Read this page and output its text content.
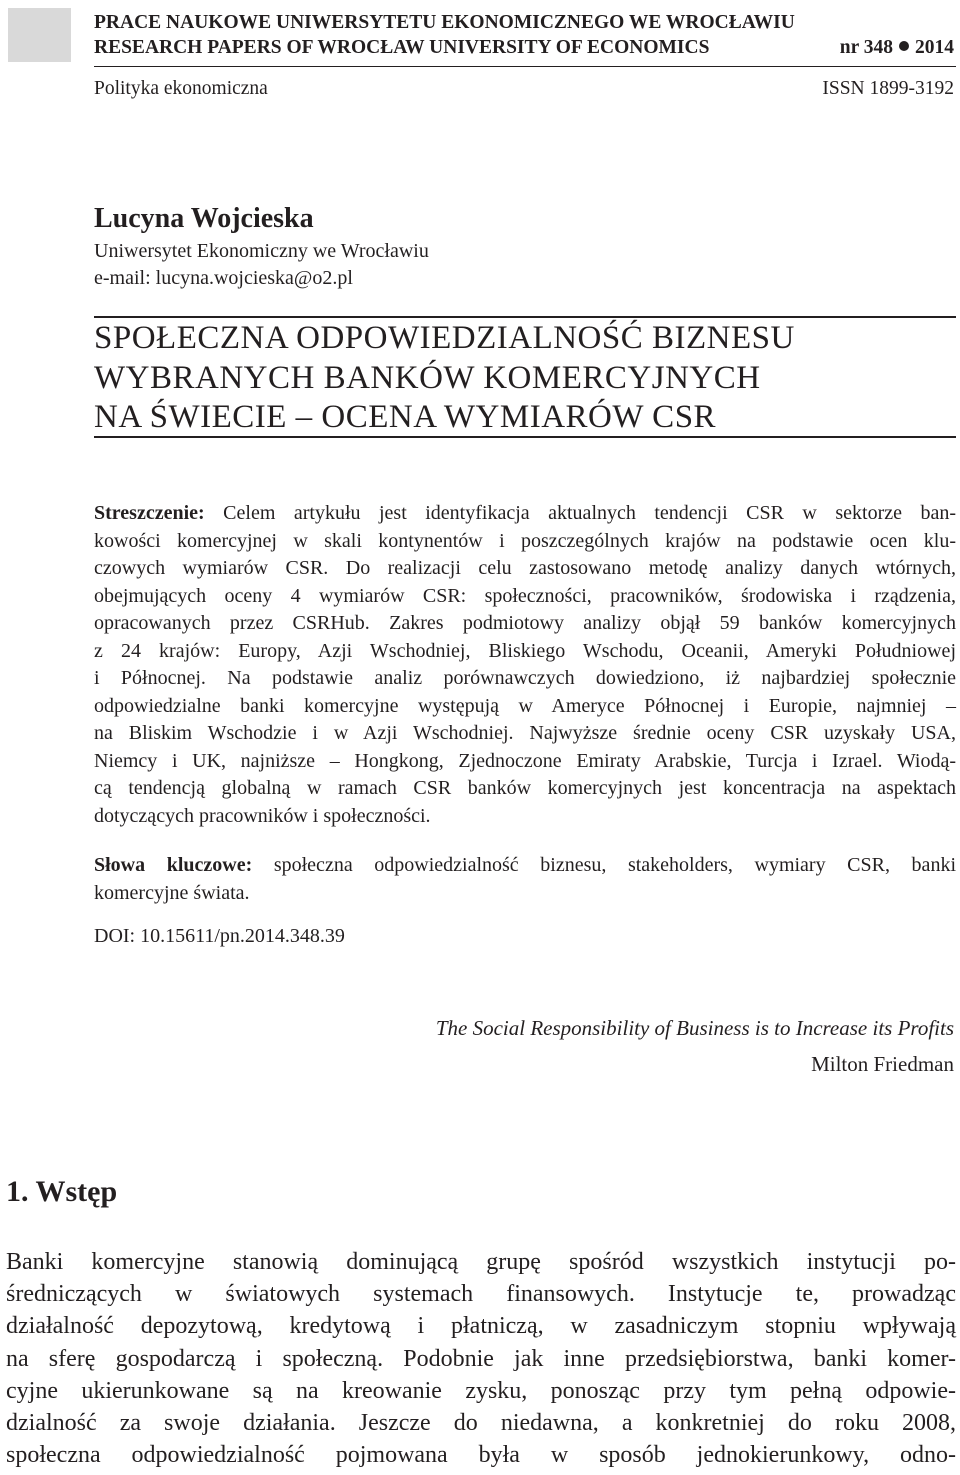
PRACE NAUKOWE UNIWERSYTETU EKONOMICZNEGO WE WROCŁAWIU
RESEARCH PAPERS OF WROCŁAW UNIVERSITY OF ECONOMICS	nr 348 2014
Polityka ekonomiczna	ISSN 1899-3192
Lucyna Wojcieska
Uniwersytet Ekonomiczny we Wrocławiu
e-mail: lucyna.wojcieska@o2.pl
SPOŁECZNA ODPOWIEDZIALNOŚĆ BIZNESU
WYBRANYCH BANKÓW KOMERCYJNYCH
NA ŚWIECIE – OCENA WYMIARÓW CSR
Streszczenie: Celem artykułu jest identyfikacja aktualnych tendencji CSR w sektorze ban-
kowości komercyjnej w skali kontynentów i poszczególnych krajów na podstawie ocen klu-
czowych wymiarów CSR. Do realizacji celu zastosowano metodę analizy danych wtórnych,
obejmujących oceny 4 wymiarów CSR: społeczności, pracowników, środowiska i rządzenia,
opracowanych przez CSRHub. Zakres podmiotowy analizy objął 59 banków komercyjnych
z 24 krajów: Europy, Azji Wschodniej, Bliskiego Wschodu, Oceanii, Ameryki Południowej
i Północnej. Na podstawie analiz porównawczych dowiedziono, iż najbardziej społecznie
odpowiedzialne banki komercyjne występują w Ameryce Północnej i Europie, najmniej –
na Bliskim Wschodzie i w Azji Wschodniej. Najwyższe średnie oceny CSR uzyskały USA,
Niemcy i UK, najniższe – Hongkong, Zjednoczone Emiraty Arabskie, Turcja i Izrael. Wiodą-
cą tendencją globalną w ramach CSR banków komercyjnych jest koncentracja na aspektach
dotyczących pracowników i społeczności.
Słowa kluczowe: społeczna odpowiedzialność biznesu, stakeholders, wymiary CSR, banki
komercyjne świata.
DOI: 10.15611/pn.2014.348.39
The Social Responsibility of Business is to Increase its Profits
Milton Friedman
1. Wstęp
Banki komercyjne stanowią dominującą grupę spośród wszystkich instytucji po-
średniczących w światowych systemach finansowych. Instytucje te, prowadząc
działalność depozytową, kredytową i płatniczą, w zasadniczym stopniu wpływają
na sferę gospodarczą i społeczną. Podobnie jak inne przedsiębiorstwa, banki komer-
cyjne ukierunkowane są na kreowanie zysku, ponosząc przy tym pełną odpowie-
dzialność za swoje działania. Jeszcze do niedawna, a konkretniej do roku 2008,
społeczna odpowiedzialność pojmowana była w sposób jednokierunkowy, odno-
